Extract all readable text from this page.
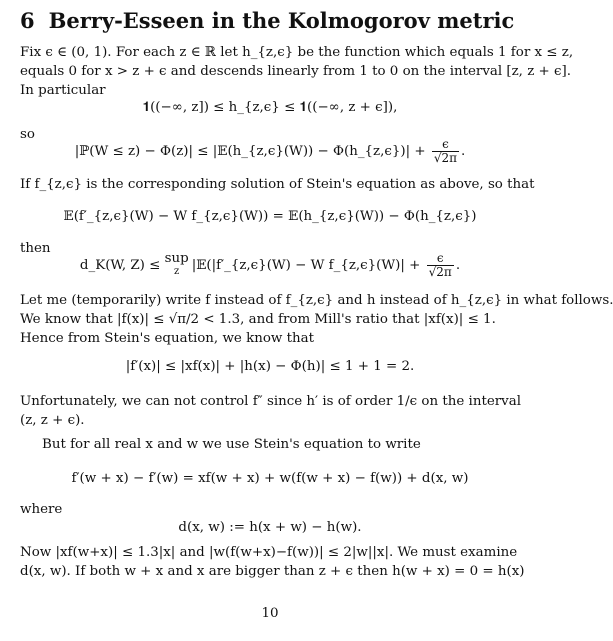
6 Berry-Esseen in the Kolmogorov metric
Fix ϵ ∈ (0, 1). For each z ∈ ℝ let h_{z,ϵ} be the function which equals 1 for x ≤ z,
equals 0 for x > z + ϵ and descends linearly from 1 to 0 on the interval [z, z + ϵ].
In particular
𝟏((−∞, z]) ≤ h_{z,ϵ} ≤ 𝟏((−∞, z + ϵ]),
so
|ℙ(W ≤ z) − Φ(z)| ≤ |𝔼(h_{z,ϵ}(W)) − Φ(h_{z,ϵ})| + $\frac{\epsilon}{√2\pi}$ .
If f_{z,ϵ} is the corresponding solution of Stein's equation as above, so that
𝔼(f′_{z,ϵ}(W) − W f_{z,ϵ}(W)) = 𝔼(h_{z,ϵ}(W)) − Φ(h_{z,ϵ})
then
d_K(W, Z) ≤ sup
z |𝔼(|f′_{z,ϵ}(W) − W f_{z,ϵ}(W)| + $\frac{\epsilon}{√2\pi}$ .
Let me (temporarily) write f instead of f_{z,ϵ} and h instead of h_{z,ϵ} in what follows.
We know that |f(x)| ≤ √π/2 < 1.3, and from Mill's ratio that |xf(x)| ≤ 1.
Hence from Stein's equation, we know that
|f′(x)| ≤ |xf(x)| + |h(x) − Φ(h)| ≤ 1 + 1 = 2.
Unfortunately, we can not control f″ since h′ is of order 1/ϵ on the interval
(z, z + ϵ).
But for all real x and w we use Stein's equation to write
f′(w + x) − f′(w) = xf(w + x) + w(f(w + x) − f(w)) + d(x, w)
where
d(x, w) := h(x + w) − h(w).
Now |xf(w+x)| ≤ 1.3|x| and |w(f(w+x)−f(w))| ≤ 2|w||x|. We must examine
d(x, w). If both w + x and x are bigger than z + ϵ then h(w + x) = 0 = h(x)
10
